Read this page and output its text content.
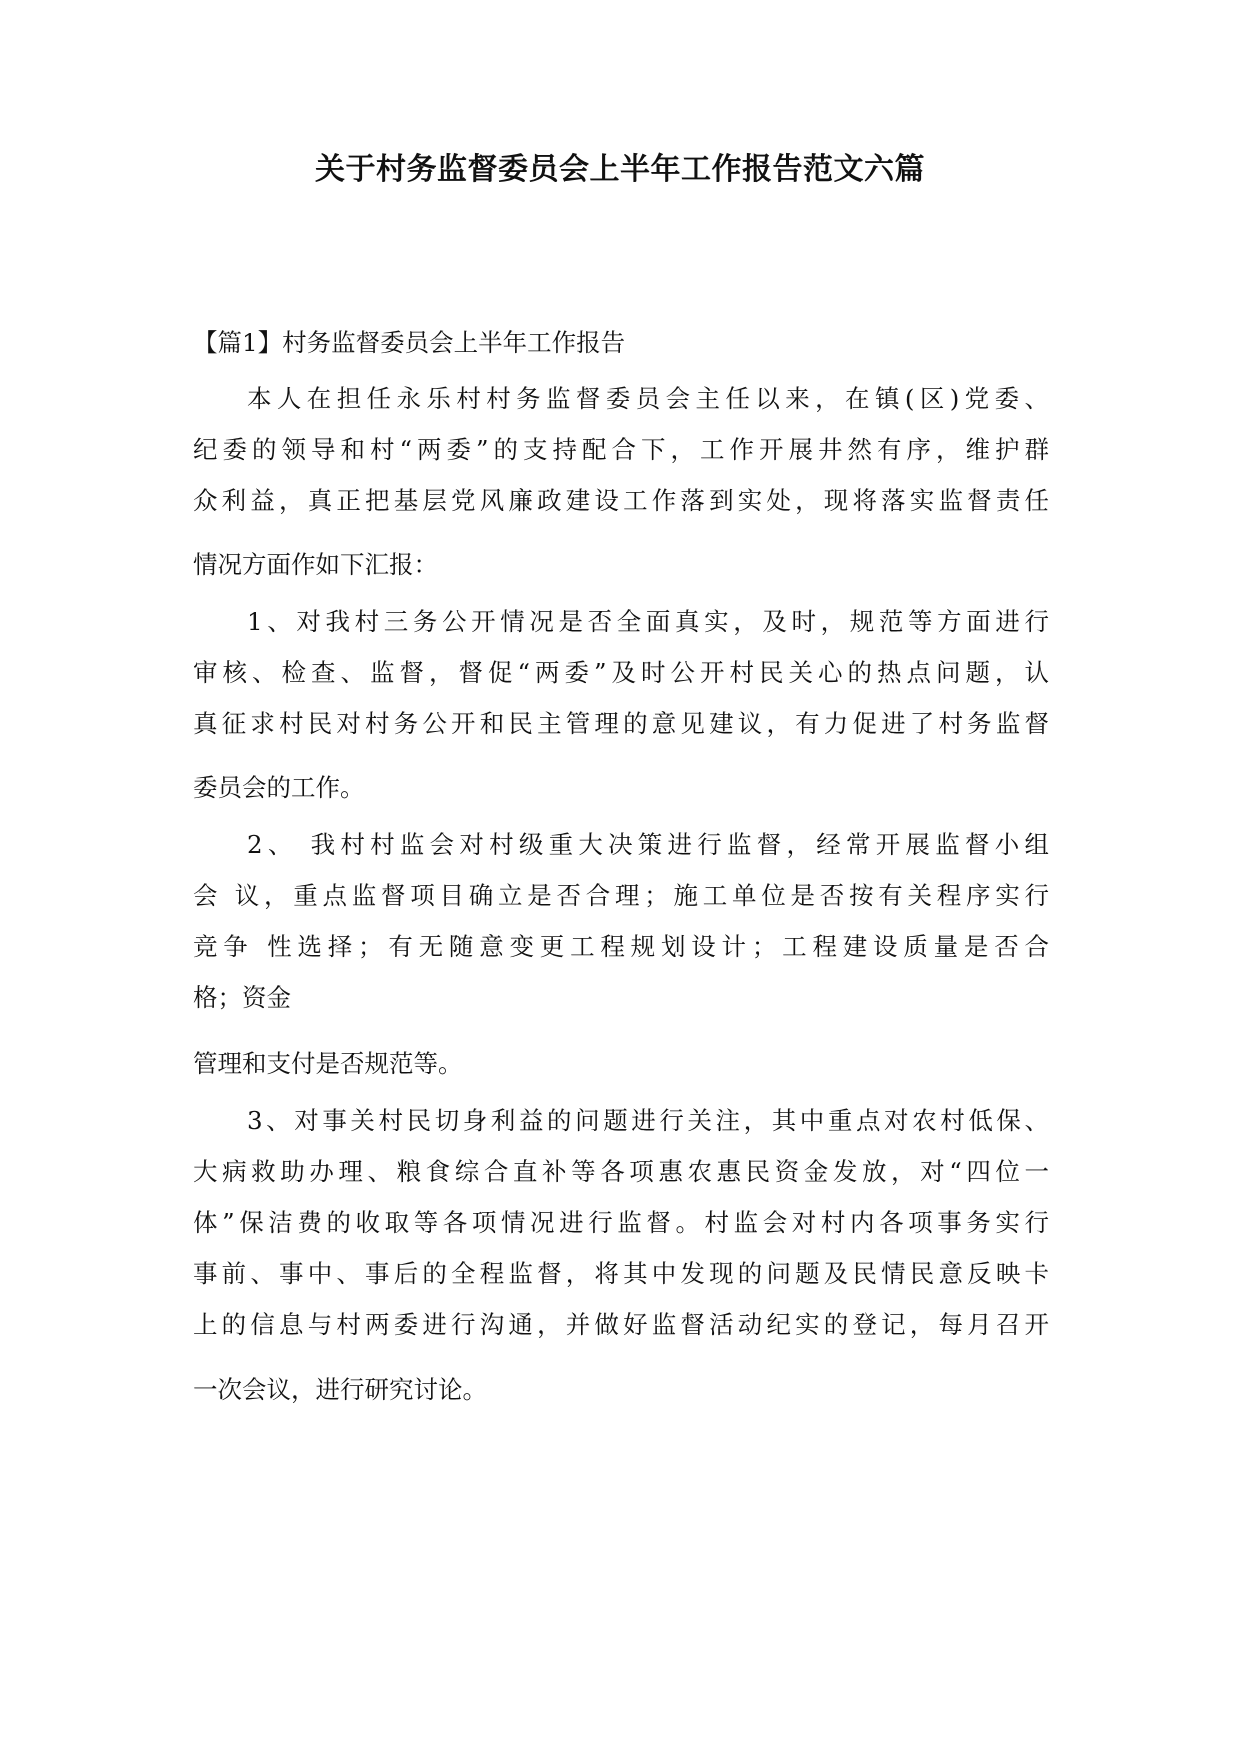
关于村务监督委员会上半年工作报告范文六篇
【篇1】村务监督委员会上半年工作报告
本人在担任永乐村村务监督委员会主任以来，在镇(区)党委、
纪委的领导和村“两委”的支持配合下，工作开展井然有序，维护群
众利益，真正把基层党风廉政建设工作落到实处，现将落实监督责任
情况方面作如下汇报：
1、对我村三务公开情况是否全面真实，及时，规范等方面进行
审核、检查、监督，督促“两委”及时公开村民关心的热点问题，认
真征求村民对村务公开和民主管理的意见建议，有力促进了村务监督
委员会的工作。
2、 我村村监会对村级重大决策进行监督，经常开展监督小组
会 议，重点监督项目确立是否合理；施工单位是否按有关程序实行
竞争 性选择；有无随意变更工程规划设计；工程建设质量是否合
格；资金
管理和支付是否规范等。
3、对事关村民切身利益的问题进行关注，其中重点对农村低保、
大病救助办理、粮食综合直补等各项惠农惠民资金发放，对“四位一
体”保洁费的收取等各项情况进行监督。村监会对村内各项事务实行
事前、事中、事后的全程监督，将其中发现的问题及民情民意反映卡
上的信息与村两委进行沟通，并做好监督活动纪实的登记，每月召开
一次会议，进行研究讨论。
